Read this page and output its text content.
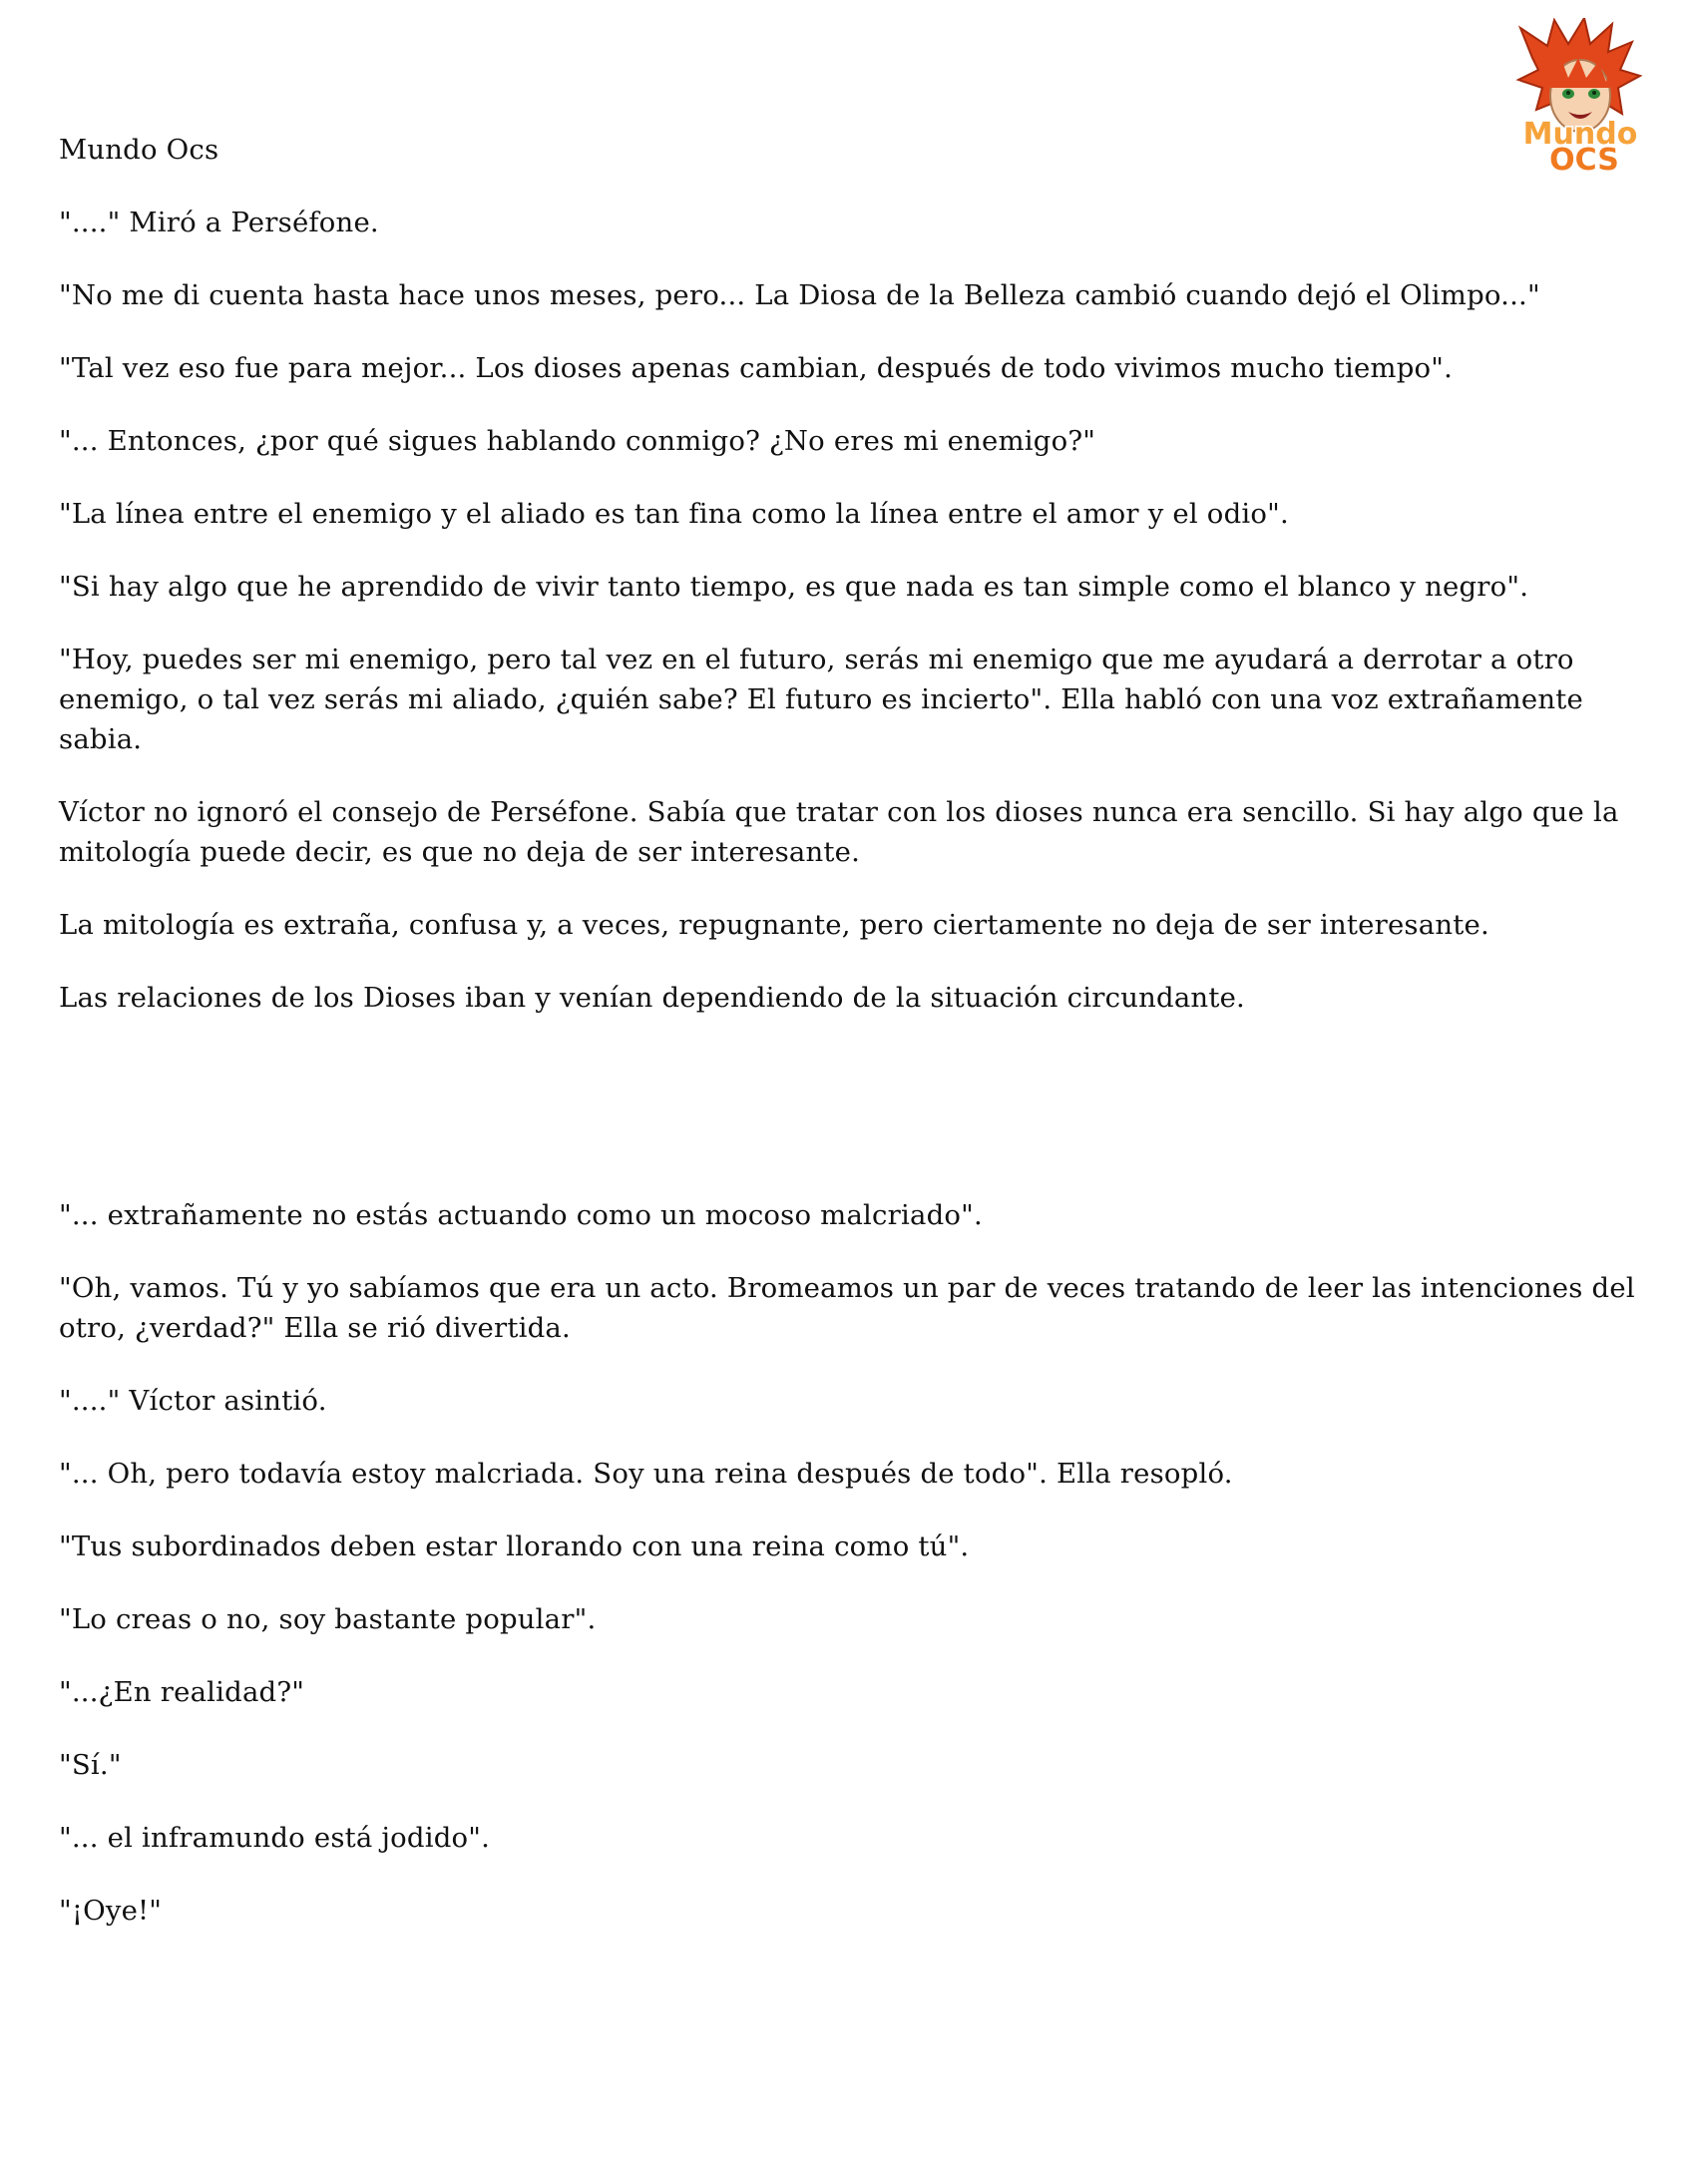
Mundo
OCS

Mundo Ocs

"...." Miró a Perséfone.

"No me di cuenta hasta hace unos meses, pero... La Diosa de la Belleza cambió cuando dejó el Olimpo..."

"Tal vez eso fue para mejor... Los dioses apenas cambian, después de todo vivimos mucho tiempo".

"... Entonces, ¿por qué sigues hablando conmigo? ¿No eres mi enemigo?"

"La línea entre el enemigo y el aliado es tan fina como la línea entre el amor y el odio".

"Si hay algo que he aprendido de vivir tanto tiempo, es que nada es tan simple como el blanco y negro".

"Hoy, puedes ser mi enemigo, pero tal vez en el futuro, serás mi enemigo que me ayudará a derrotar a otro enemigo, o tal vez serás mi aliado, ¿quién sabe? El futuro es incierto". Ella habló con una voz extrañamente sabia.

Víctor no ignoró el consejo de Perséfone. Sabía que tratar con los dioses nunca era sencillo. Si hay algo que la mitología puede decir, es que no deja de ser interesante.

La mitología es extraña, confusa y, a veces, repugnante, pero ciertamente no deja de ser interesante.

Las relaciones de los Dioses iban y venían dependiendo de la situación circundante.

"... extrañamente no estás actuando como un mocoso malcriado".

"Oh, vamos. Tú y yo sabíamos que era un acto. Bromeamos un par de veces tratando de leer las intenciones del otro, ¿verdad?" Ella se rió divertida.

"...." Víctor asintió.

"... Oh, pero todavía estoy malcriada. Soy una reina después de todo". Ella resopló.

"Tus subordinados deben estar llorando con una reina como tú".

"Lo creas o no, soy bastante popular".

"...¿En realidad?"

"Sí."

"... el inframundo está jodido".

"¡Oye!"
